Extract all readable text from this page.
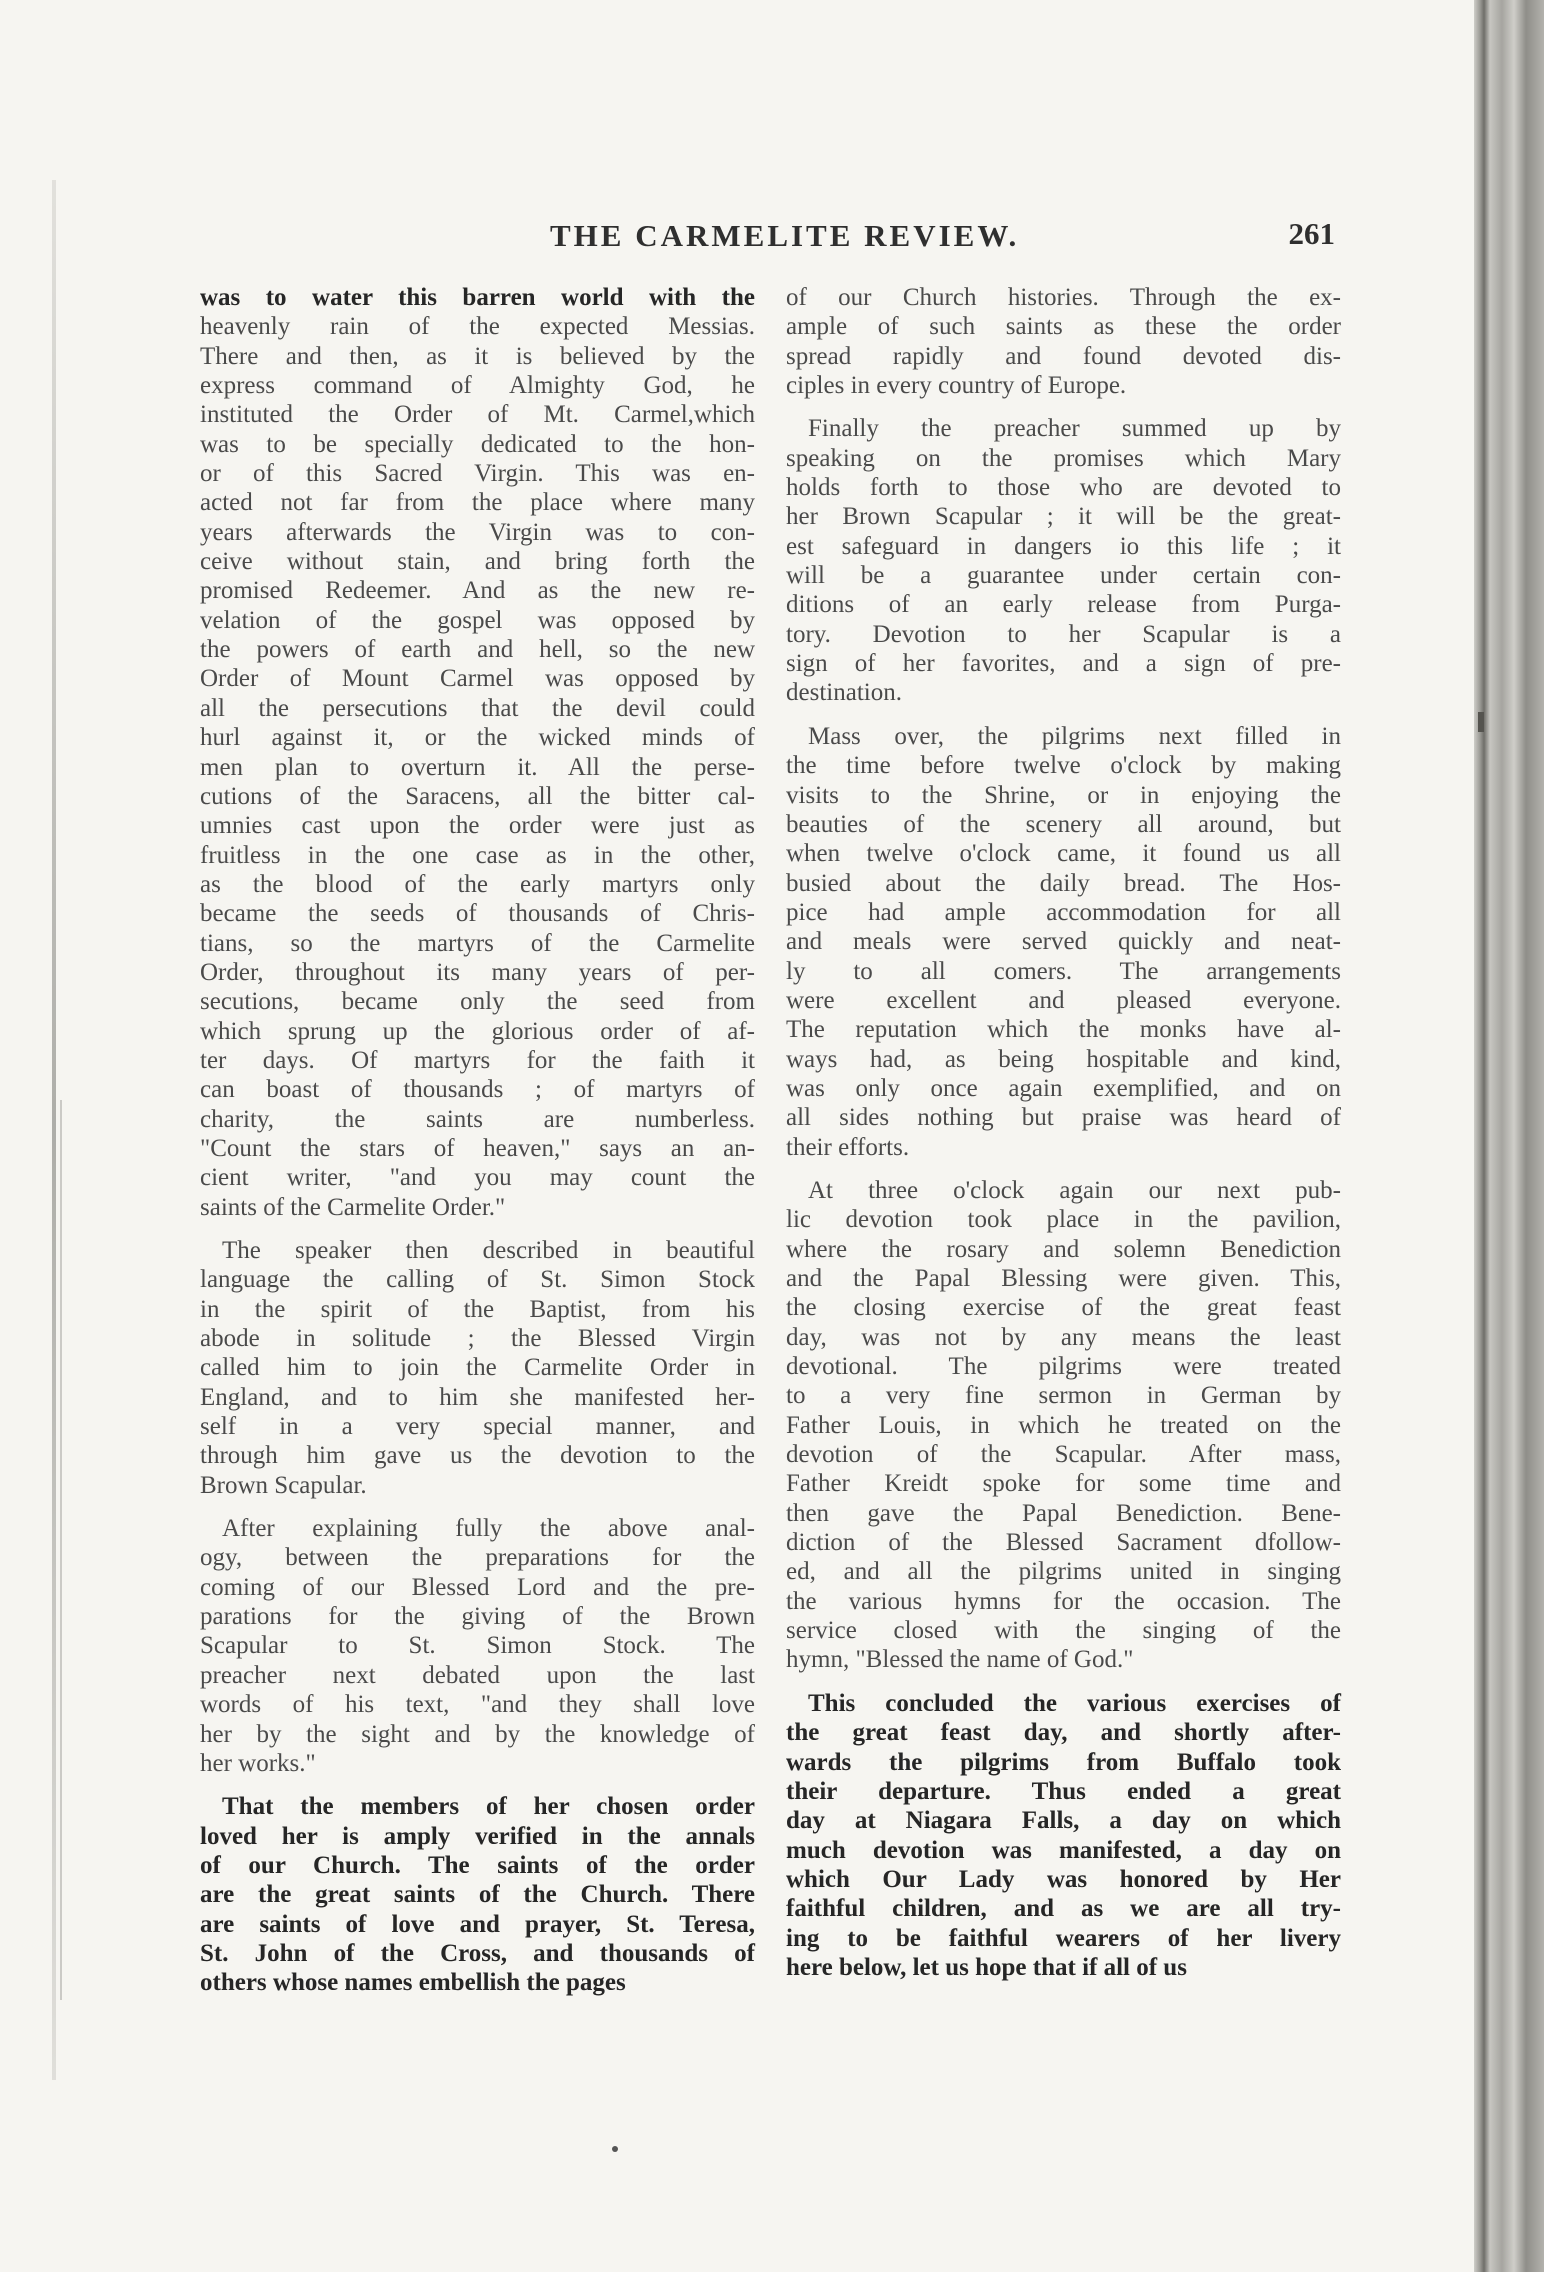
THE CARMELITE REVIEW.	261
was to water this barren world with the
heavenly rain of the expected Messias.
There and then, as it is believed by the
express command of Almighty God, he
instituted the Order of Mt. Carmel,which
was to be specially dedicated to the hon-
or of this Sacred Virgin. This was en-
acted not far from the place where many
years afterwards the Virgin was to con-
ceive without stain, and bring forth the
promised Redeemer. And as the new re-
velation of the gospel was opposed by
the powers of earth and hell, so the new
Order of Mount Carmel was opposed by
all the persecutions that the devil could
hurl against it, or the wicked minds of
men plan to overturn it. All the perse-
cutions of the Saracens, all the bitter cal-
umnies cast upon the order were just as
fruitless in the one case as in the other,
as the blood of the early martyrs only
became the seeds of thousands of Chris-
tians, so the martyrs of the Carmelite
Order, throughout its many years of per-
secutions, became only the seed from
which sprung up the glorious order of af-
ter days. Of martyrs for the faith it
can boast of thousands ; of martyrs of
charity, the saints are numberless.
"Count the stars of heaven," says an an-
cient writer, "and you may count the
saints of the Carmelite Order."
The speaker then described in beautiful
language the calling of St. Simon Stock
in the spirit of the Baptist, from his
abode in solitude ; the Blessed Virgin
called him to join the Carmelite Order in
England, and to him she manifested her-
self in a very special manner, and
through him gave us the devotion to the
Brown Scapular.
After explaining fully the above anal-
ogy, between the preparations for the
coming of our Blessed Lord and the pre-
parations for the giving of the Brown
Scapular to St. Simon Stock. The
preacher next debated upon the last
words of his text, "and they shall love
her by the sight and by the knowledge of
her works."
That the members of her chosen order
loved her is amply verified in the annals
of our Church. The saints of the order
are the great saints of the Church. There
are saints of love and prayer, St. Teresa,
St. John of the Cross, and thousands of
others whose names embellish the pages
of our Church histories. Through the ex-
ample of such saints as these the order
spread rapidly and found devoted dis-
ciples in every country of Europe.
Finally the preacher summed up by
speaking on the promises which Mary
holds forth to those who are devoted to
her Brown Scapular ; it will be the great-
est safeguard in dangers io this life ; it
will be a guarantee under certain con-
ditions of an early release from Purga-
tory. Devotion to her Scapular is a
sign of her favorites, and a sign of pre-
destination.
Mass over, the pilgrims next filled in
the time before twelve o'clock by making
visits to the Shrine, or in enjoying the
beauties of the scenery all around, but
when twelve o'clock came, it found us all
busied about the daily bread. The Hos-
pice had ample accommodation for all
and meals were served quickly and neat-
ly to all comers. The arrangements
were excellent and pleased everyone.
The reputation which the monks have al-
ways had, as being hospitable and kind,
was only once again exemplified, and on
all sides nothing but praise was heard of
their efforts.
At three o'clock again our next pub-
lic devotion took place in the pavilion,
where the rosary and solemn Benediction
and the Papal Blessing were given. This,
the closing exercise of the great feast
day, was not by any means the least
devotional. The pilgrims were treated
to a very fine sermon in German by
Father Louis, in which he treated on the
devotion of the Scapular. After mass,
Father Kreidt spoke for some time and
then gave the Papal Benediction. Bene-
diction of the Blessed Sacrament dfollow-
ed, and all the pilgrims united in singing
the various hymns for the occasion. The
service closed with the singing of the
hymn, "Blessed the name of God."
This concluded the various exercises of
the great feast day, and shortly after-
wards the pilgrims from Buffalo took
their departure. Thus ended a great
day at Niagara Falls, a day on which
much devotion was manifested, a day on
which Our Lady was honored by Her
faithful children, and as we are all try-
ing to be faithful wearers of her livery
here below, let us hope that if all of us
